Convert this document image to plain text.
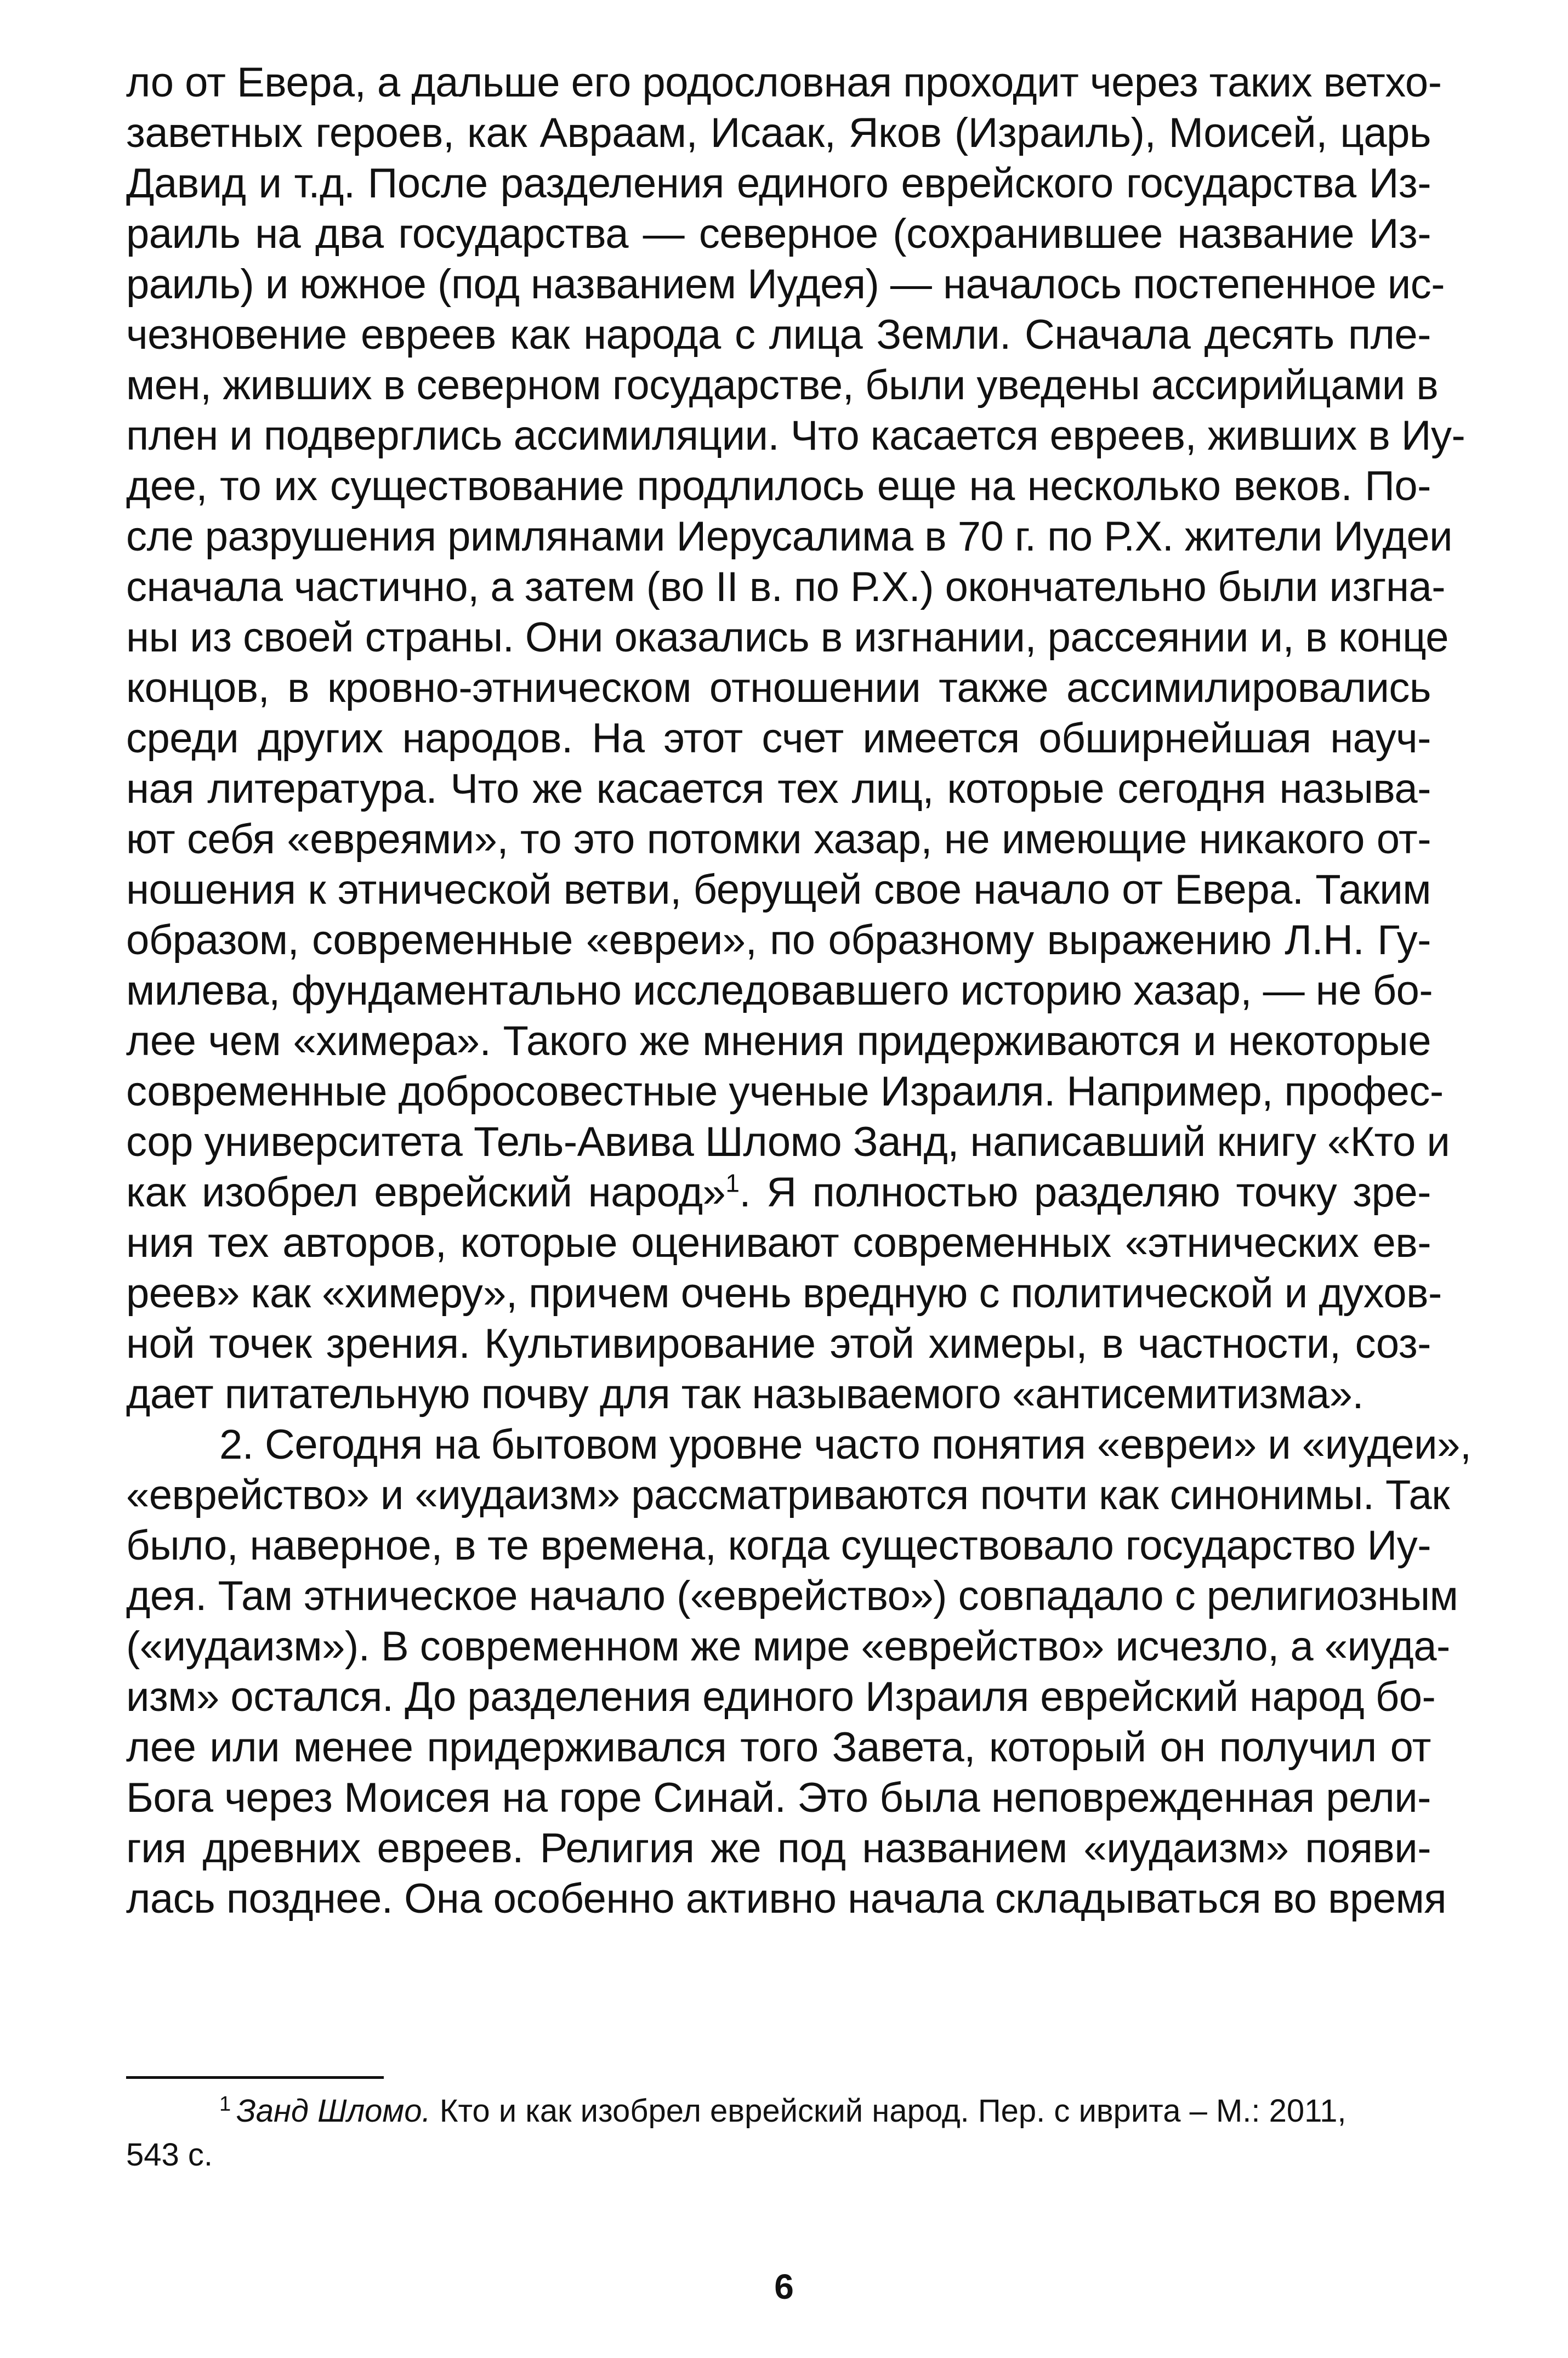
ло от Евера, а дальше его родословная проходит через таких ветхо-
заветных героев, как Авраам, Исаак, Яков (Израиль), Моисей, царь
Давид и т.д. После разделения единого еврейского государства Из-
раиль на два государства — северное (сохранившее название Из-
раиль) и южное (под названием Иудея) — началось постепенное ис-
чезновение евреев как народа с лица Земли. Сначала десять пле-
мен, живших в северном государстве, были уведены ассирийцами в
плен и подверглись ассимиляции. Что касается евреев, живших в Иу-
дее, то их существование продлилось еще на несколько веков. По-
сле разрушения римлянами Иерусалима в 70 г. по Р.Х. жители Иудеи
сначала частично, а затем (во II в. по Р.Х.) окончательно были изгна-
ны из своей страны. Они оказались в изгнании, рассеянии и, в конце
концов, в кровно-этническом отношении также ассимилировались
среди других народов. На этот счет имеется обширнейшая науч-
ная литература. Что же касается тех лиц, которые сегодня называ-
ют себя «евреями», то это потомки хазар, не имеющие никакого от-
ношения к этнической ветви, берущей свое начало от Евера. Таким
образом, современные «евреи», по образному выражению Л.Н. Гу-
милева, фундаментально исследовавшего историю хазар, — не бо-
лее чем «химера». Такого же мнения придерживаются и некоторые
современные добросовестные ученые Израиля. Например, профес-
сор университета Тель-Авива Шломо Занд, написавший книгу «Кто и
как изобрел еврейский народ»$^1$. Я полностью разделяю точку зре-
ния тех авторов, которые оценивают современных «этнических ев-
реев» как «химеру», причем очень вредную с политической и духов-
ной точек зрения. Культивирование этой химеры, в частности, соз-
дает питательную почву для так называемого «антисемитизма».
2. Сегодня на бытовом уровне часто понятия «евреи» и «иудеи»,
«еврейство» и «иудаизм» рассматриваются почти как синонимы. Так
было, наверное, в те времена, когда существовало государство Иу-
дея. Там этническое начало («еврейство») совпадало с религиозным
(«иудаизм»). В современном же мире «еврейство» исчезло, а «иуда-
изм» остался. До разделения единого Израиля еврейский народ бо-
лее или менее придерживался того Завета, который он получил от
Бога через Моисея на горе Синай. Это была неповрежденная рели-
гия древних евреев. Религия же под названием «иудаизм» появи-
лась позднее. Она особенно активно начала складываться во время
$^1$ Занд Шломо. Кто и как изобрел еврейский народ. Пер. с иврита – М.: 2011,
543 с.
6
